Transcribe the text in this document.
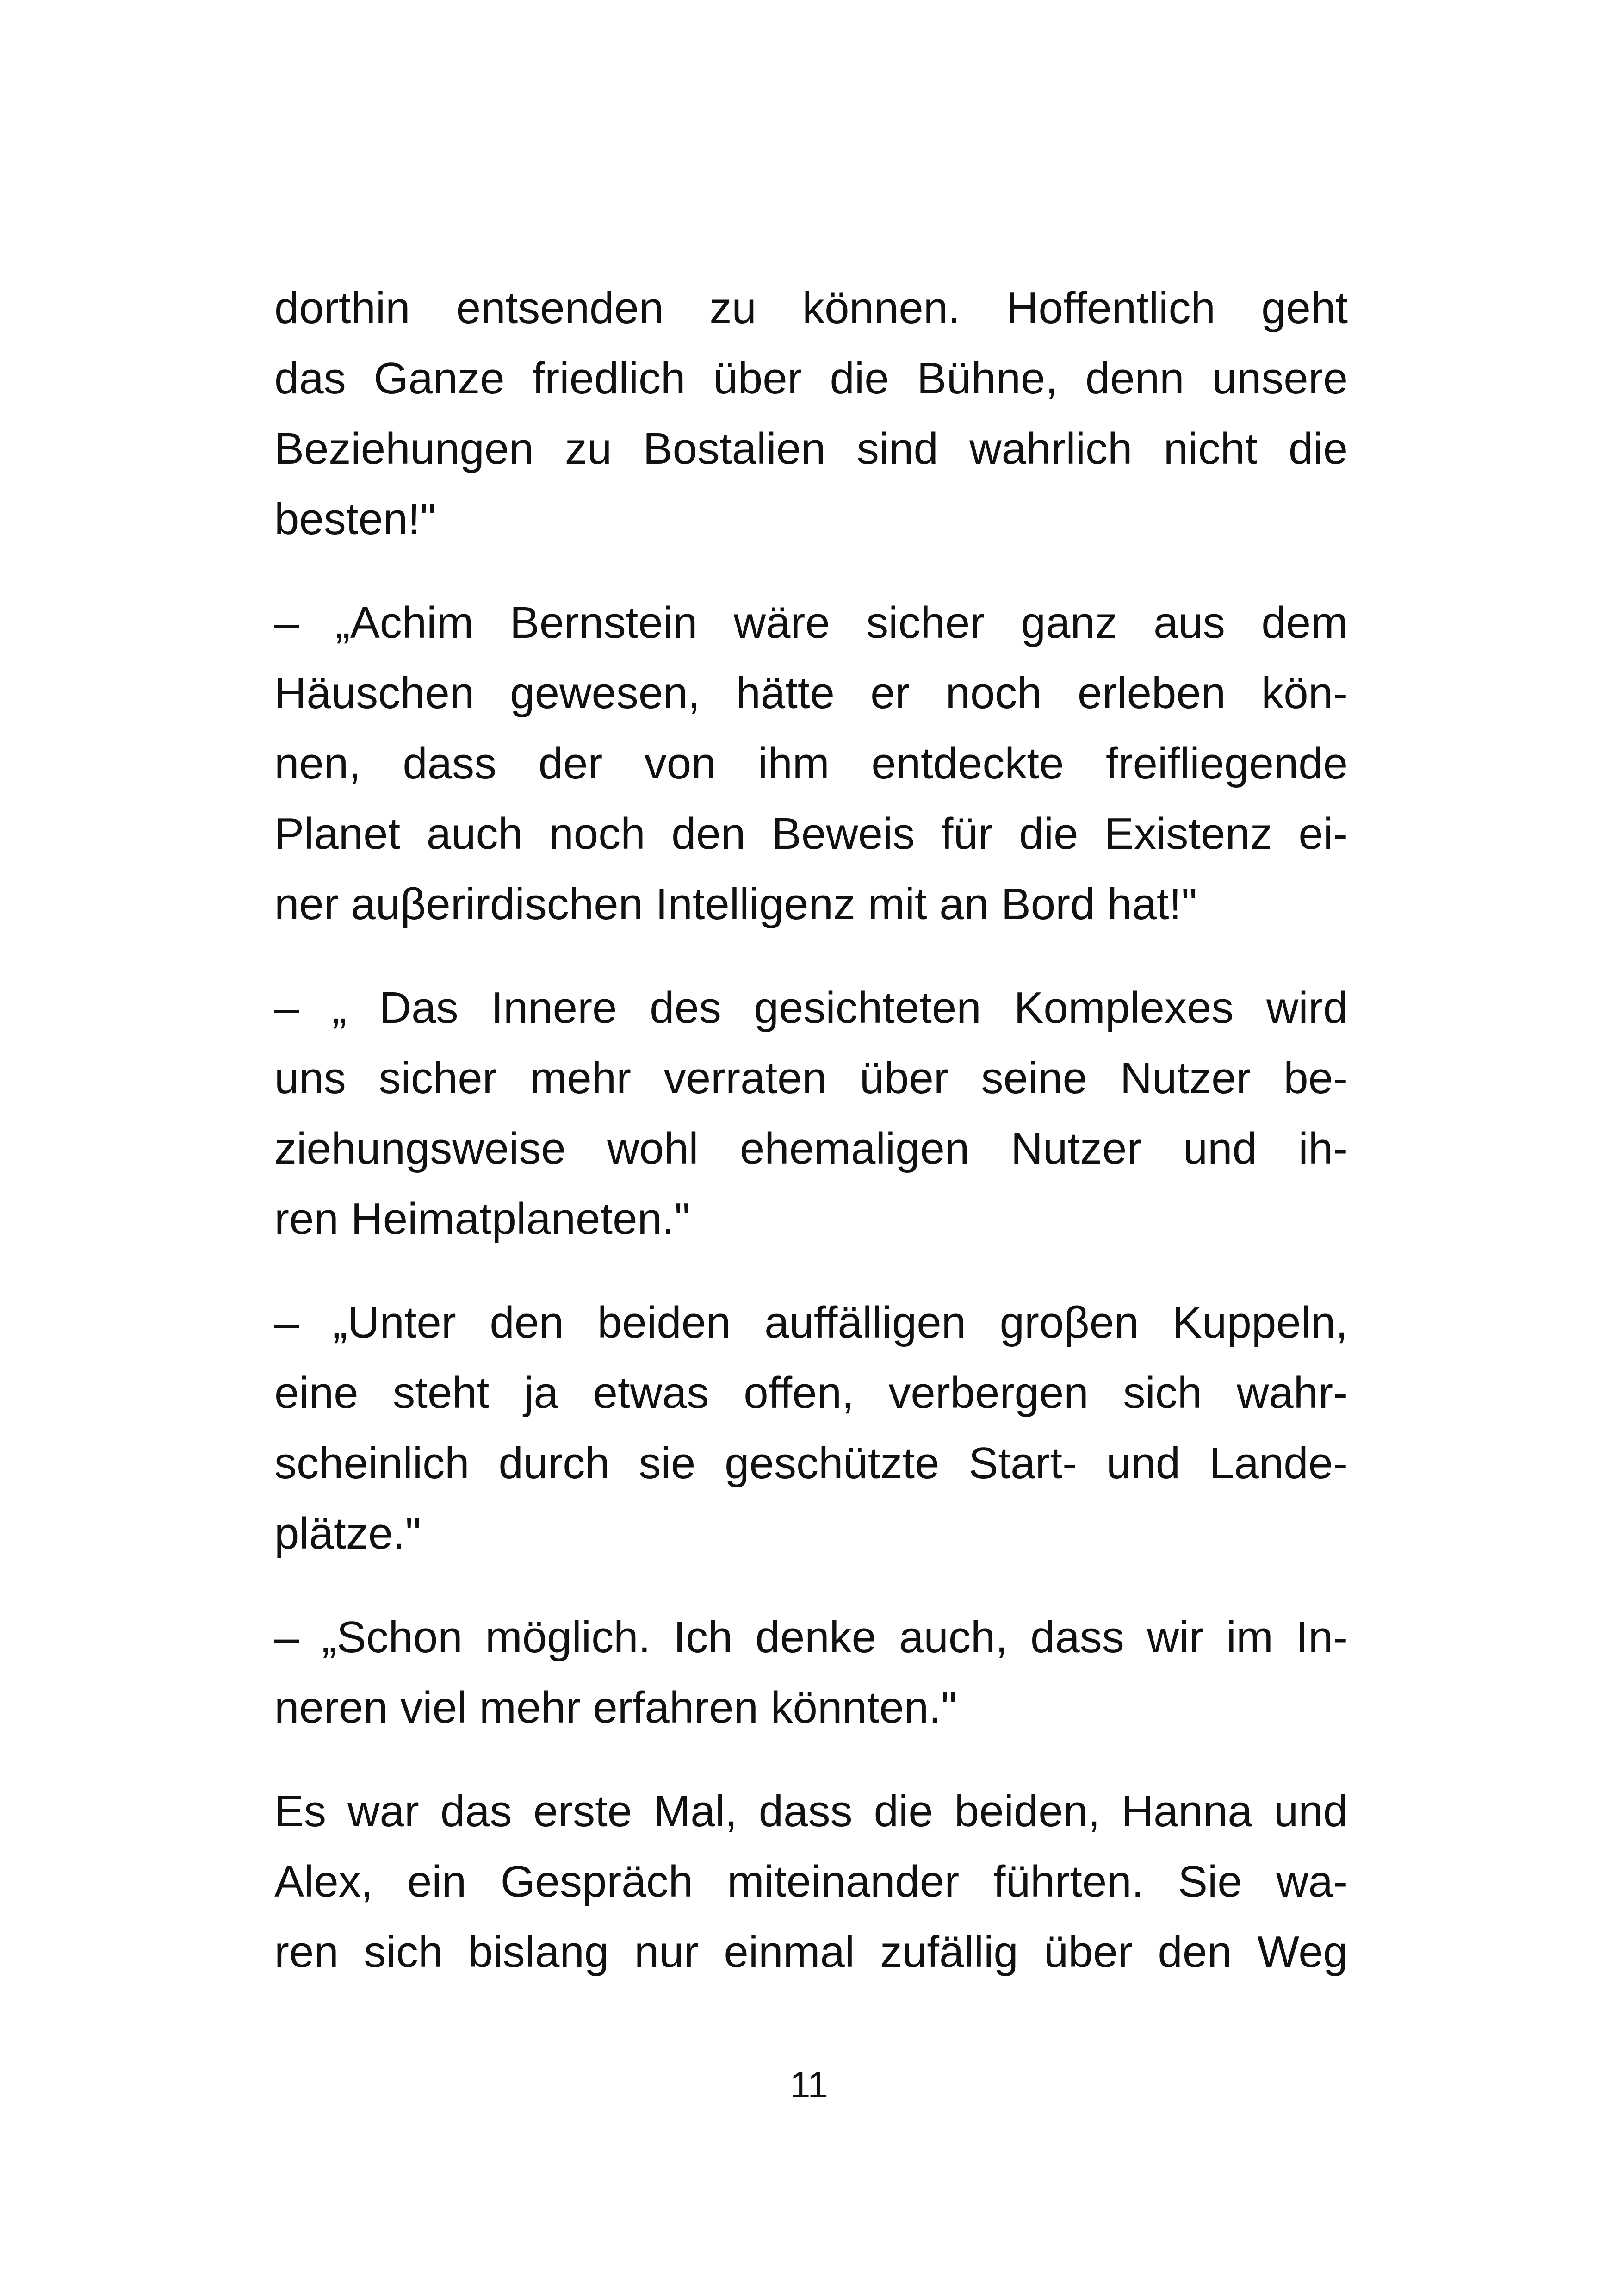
dorthin entsenden zu können. Hoffentlich geht
das Ganze friedlich über die Bühne, denn unsere
Beziehungen zu Bostalien sind wahrlich nicht die
besten!"
– „Achim Bernstein wäre sicher ganz aus dem
Häuschen gewesen, hätte er noch erleben kön-
nen, dass der von ihm entdeckte freifliegende
Planet auch noch den Beweis für die Existenz ei-
ner auβerirdischen Intelligenz mit an Bord hat!"
– „ Das Innere des gesichteten Komplexes wird
uns sicher mehr verraten über seine Nutzer be-
ziehungsweise wohl ehemaligen Nutzer und ih-
ren Heimatplaneten."
– „Unter den beiden auffälligen groβen Kuppeln,
eine steht ja etwas offen, verbergen sich wahr-
scheinlich durch sie geschützte Start- und Lande-
plätze."
– „Schon möglich. Ich denke auch, dass wir im In-
neren viel mehr erfahren könnten."
Es war das erste Mal, dass die beiden, Hanna und
Alex, ein Gespräch miteinander führten. Sie wa-
ren sich bislang nur einmal zufällig über den Weg
11
